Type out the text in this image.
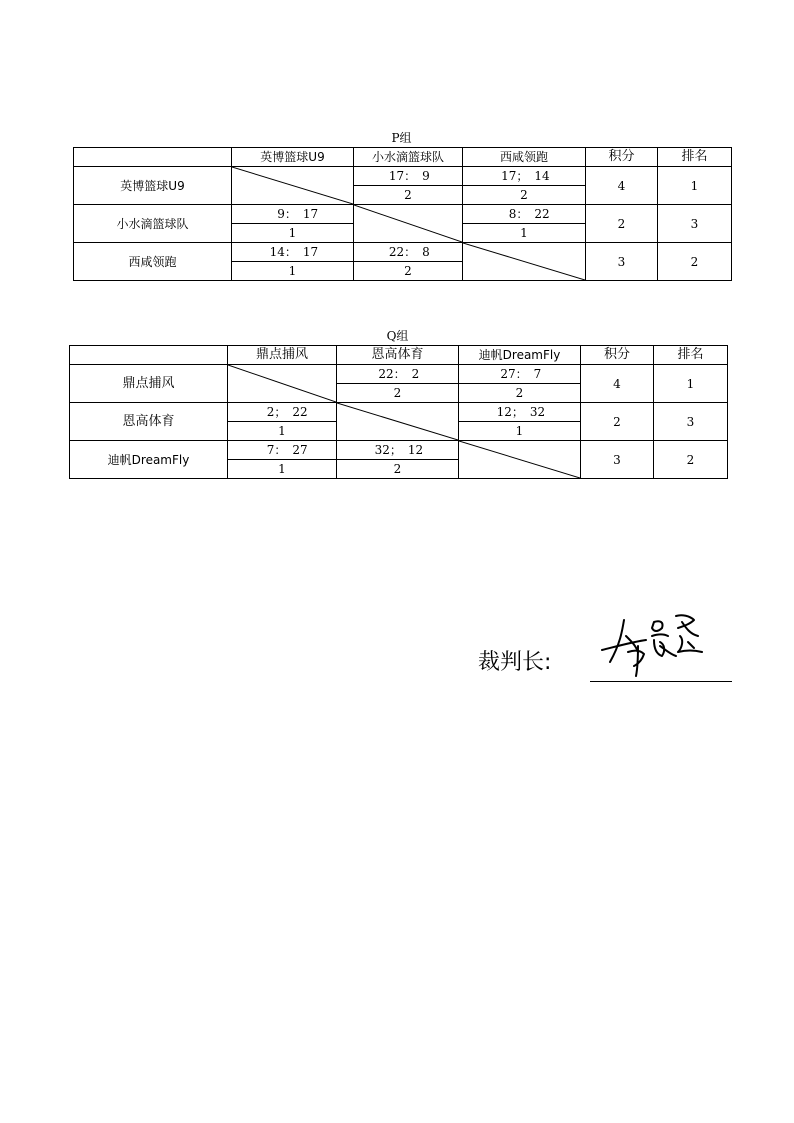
P组
	英博篮球U9	小水滴篮球队	西咸领跑	积分	排名
英博篮球U9		17： 9	17； 14	4	1
		2	2		
小水滴篮球队	9： 17		8： 22	2	3
	1		1		
西咸领跑	14： 17	22： 8		3	2
	1	2			
Q组
	鼎点捕风	恩高体育	迪帆DreamFly	积分	排名
鼎点捕风		22： 2	27： 7	4	1
		2	2		
恩高体育	2； 22		12； 32	2	3
	1		1		
迪帆DreamFly	7： 27	32； 12		3	2
	1	2			
裁判长:
